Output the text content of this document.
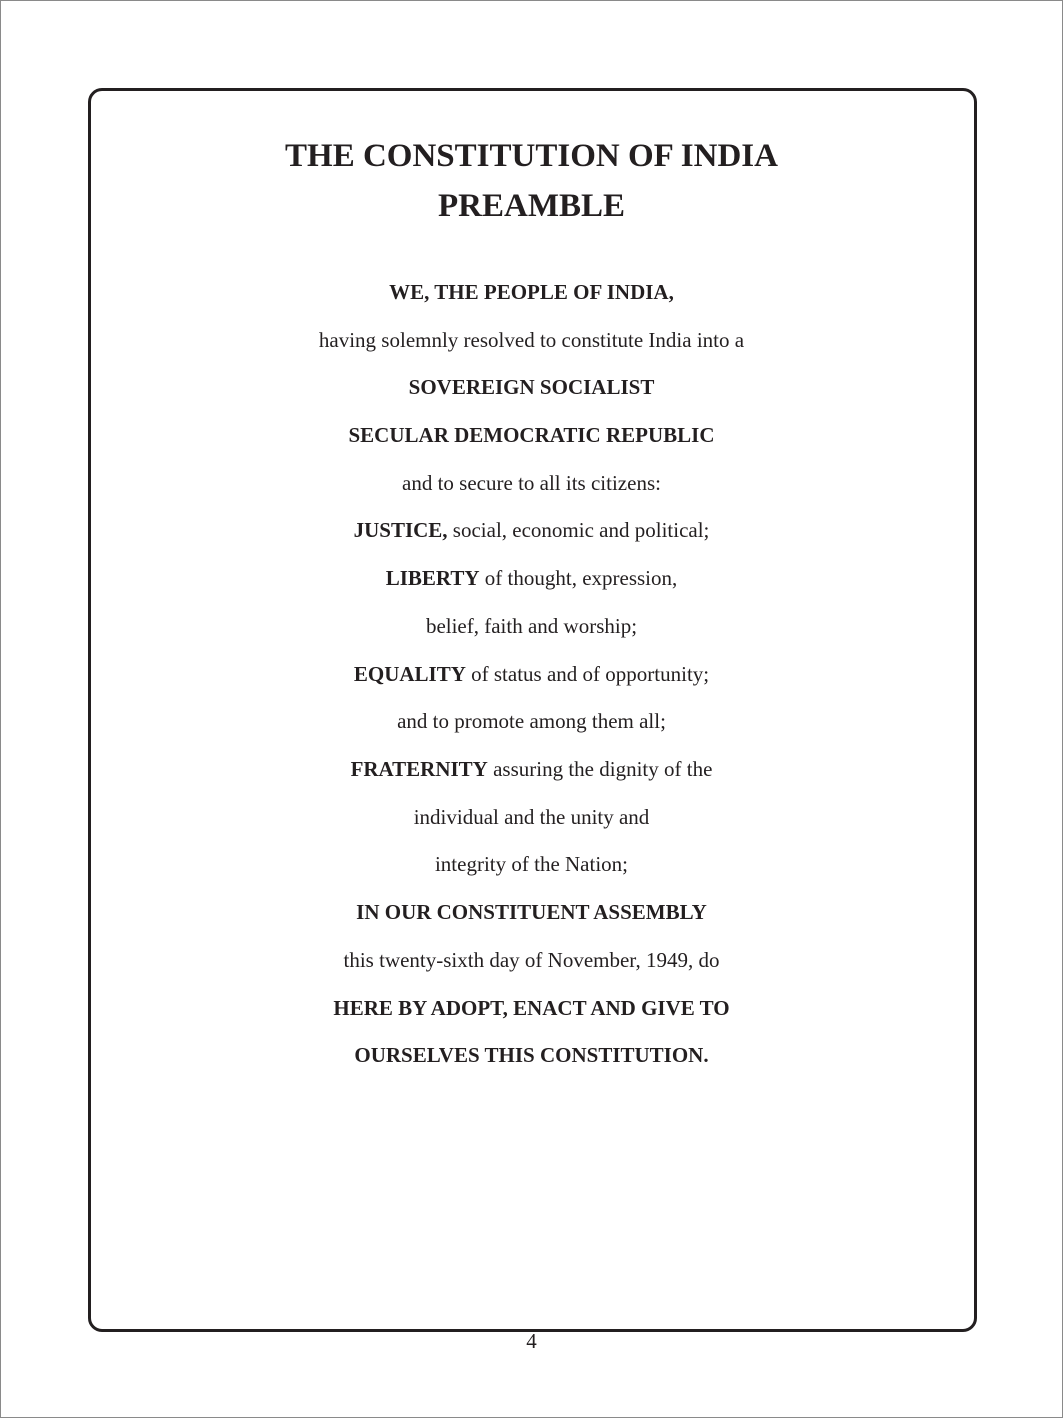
THE CONSTITUTION OF INDIA
PREAMBLE
WE, THE PEOPLE OF INDIA,
having solemnly resolved to constitute India into a
SOVEREIGN SOCIALIST
SECULAR DEMOCRATIC REPUBLIC
and to secure to all its citizens:
JUSTICE, social, economic and political;
LIBERTY of thought, expression,
belief, faith and worship;
EQUALITY of status and of opportunity;
and to promote among them all;
FRATERNITY assuring the dignity of the
individual and the unity and
integrity of the Nation;
IN OUR CONSTITUENT ASSEMBLY
this twenty-sixth day of November, 1949, do
HERE BY ADOPT, ENACT AND GIVE TO
OURSELVES THIS CONSTITUTION.
4
